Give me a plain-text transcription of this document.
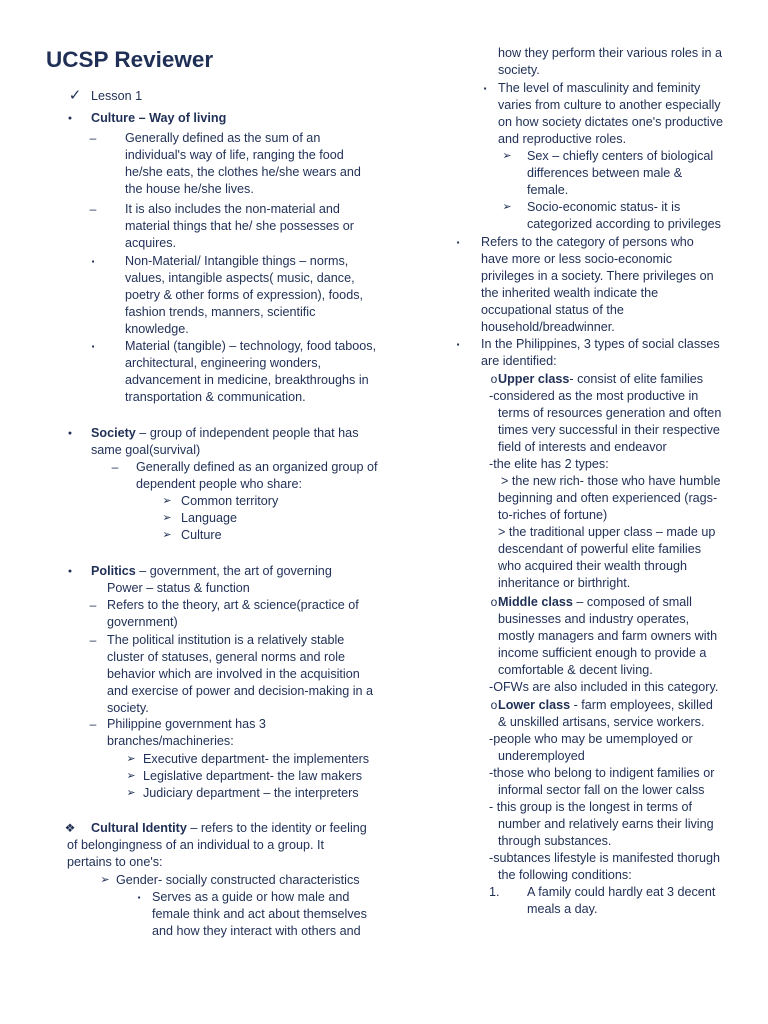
UCSP Reviewer
✓ Lesson 1
●	Culture – Way of living
– Generally defined as the sum of an
individual's way of life, ranging the food
he/she eats, the clothes he/she wears and
the house he/she lives.
– It is also includes the non-material and
material things that he/ she possesses or
acquires.
▪	Non-Material/ Intangible things – norms,
values, intangible aspects( music, dance,
poetry & other forms of expression), foods,
fashion trends, manners, scientific
knowledge.
▪	Material (tangible) – technology, food taboos,
architectural, engineering wonders,
advancement in medicine, breakthroughs in
transportation & communication.
●	Society – group of independent people that has
same goal(survival)
– Generally defined as an organized group of
dependent people who share:
➢ Common territory
➢ Language
➢ Culture
●	Politics – government, the art of governing
Power – status & function
– Refers to the theory, art & science(practice of
government)
– The political institution is a relatively stable
cluster of statuses, general norms and role
behavior which are involved in the acquisition
and exercise of power and decision-making in a
society.
– Philippine government has 3
branches/machineries:
➢ Executive department- the implementers
➢ Legislative department- the law makers
➢ Judiciary department – the interpreters
❖ Cultural Identity – refers to the identity or feeling
of belongingness of an individual to a group. It
pertains to one's:
➢ Gender- socially constructed characteristics
▪ Serves as a guide or how male and
female think and act about themselves
and how they interact with others and
how they perform their various roles in a
society.
▪ The level of masculinity and feminity
varies from culture to another especially
on how society dictates one's productive
and reproductive roles.
➢ Sex – chiefly centers of biological
differences between male &
female.
➢ Socio-economic status- it is
categorized according to privileges
▪	Refers to the category of persons who
have more or less socio-economic
privileges in a society. There privileges on
the inherited wealth indicate the
occupational status of the
household/breadwinner.
▪	In the Philippines, 3 types of social classes
are identified:
o Upper class- consist of elite families
-considered as the most productive in
terms of resources generation and often
times very successful in their respective
field of interests and endeavor
-the elite has 2 types:
> the new rich- those who have humble
beginning and often experienced (rags-
to-riches of fortune)
> the traditional upper class – made up
descendant of powerful elite families
who acquired their wealth through
inheritance or birthright.
o Middle class – composed of small
businesses and industry operates,
mostly managers and farm owners with
income sufficient enough to provide a
comfortable & decent living.
-OFWs are also included in this category.
o Lower class - farm employees, skilled
& unskilled artisans, service workers.
-people who may be umemployed or
underemployed
-those who belong to indigent families or
informal sector fall on the lower calss
- this group is the longest in terms of
number and relatively earns their living
through substances.
-subtances lifestyle is manifested thorugh
the following conditions:
1. A family could hardly eat 3 decent
meals a day.
